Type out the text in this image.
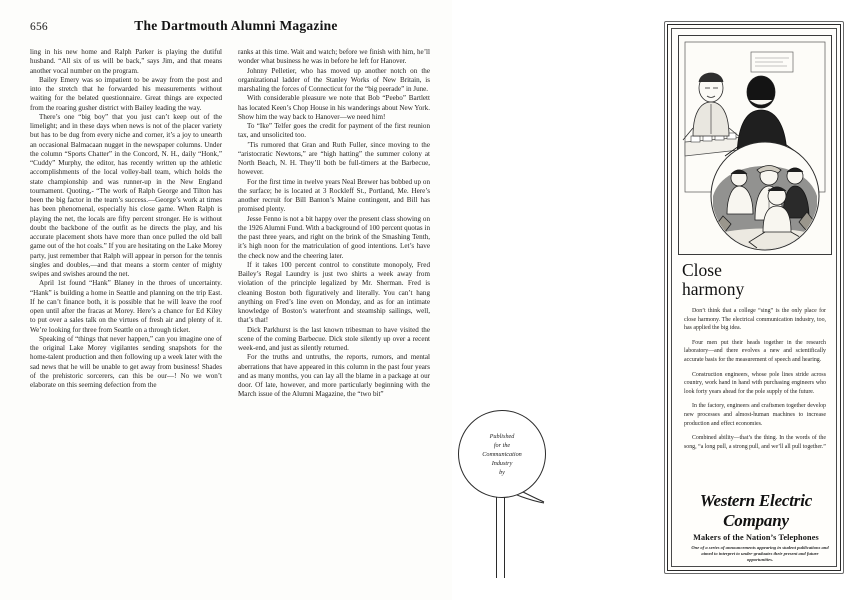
656	The Dartmouth Alumni Magazine

ling in his new home and Ralph Parker is playing the dutiful husband. “All six of us will be back,” says Jim, and that means another vocal number on the program.

Bailey Emery was so impatient to be away from the post and into the stretch that he forwarded his measurements without waiting for the belated questionnaire. Great things are expected from the roaring gusher district with Bailey leading the way.

There’s one “big boy” that you just can’t keep out of the limelight; and in these days when news is not of the placer variety but has to be dug from every niche and corner, it’s a joy to unearth an occasional Balmacaan nugget in the newspaper columns. Under the column “Sports Chatter” in the Concord, N. H., daily “Honk,” “Cuddy” Murphy, the editor, has recently written up the athletic accomplishments of the local volley-ball team, which holds the state championship and was runner-up in the New England tournament. Quoting,- “The work of Ralph George and Tilton has been the big factor in the team’s success.—George’s work at times has been phenomenal, especially his close game. When Ralph is playing the net, the locals are fifty percent stronger. He is without doubt the backbone of the outfit as he directs the play, and his accurate placement shots have more than once pulled the old ball game out of the hot coals.” If you are hesitating on the Lake Morey party, just remember that Ralph will appear in person for the tennis singles and doubles,—and that means a storm center of mighty swipes and swishes around the net.

April 1st found “Hank” Blaney in the throes of uncertainty. “Hank” is building a home in Seattle and planning on the trip East. If he can’t finance both, it is possible that he will leave the roof open until after the fracas at Morey. Here’s a chance for Ed Kiley to put over a sales talk on the virtues of fresh air and plenty of it. We’re looking for three from Seattle on a through ticket.

Speaking of “things that never happen,” can you imagine one of the original Lake Morey vigilantes sending snapshots for the home-talent production and then following up a week later with the sad news that he will be unable to get away from business! Shades of the prehistoric sorcerers, can this be our—! No we won’t elaborate on this seeming defection from the

ranks at this time. Wait and watch; before we finish with him, he’ll wonder what business he was in before he left for Hanover.

Johnny Pelletier, who has moved up another notch on the organizational ladder of the Stanley Works of New Britain, is marshaling the forces of Connecticut for the “big peerade” in June.

With considerable pleasure we note that Bob “Peebo” Bartlett has located Keen’s Chop House in his wanderings about New York. Show him the way back to Hanover—we need him!

To “Ike” Telfer goes the credit for payment of the first reunion tax, and unsolicited too.

’Tis rumored that Gran and Ruth Fuller, since moving to the “aristocratic Newtons,” are “high hatting” the summer colony at North Beach, N. H. They’ll both be full-timers at the Barbecue, however.

For the first time in twelve years Neal Brewer has bobbed up on the surface; he is located at 3 Rockleff St., Portland, Me. Here’s another recruit for Bill Banton’s Maine contingent, and Bill has promised plenty.

Jesse Fenno is not a bit happy over the present class showing on the 1926 Alumni Fund. With a background of 100 percent quotas in the past three years, and right on the brink of the Smashing Tenth, it’s high noon for the matriculation of good intentions. Let’s have the check now and the cheering later.

If it takes 100 percent control to constitute monopoly, Fred Bailey’s Regal Laundry is just two shirts a week away from violation of the principle legalized by Mr. Sherman. Fred is cleaning Boston both figuratively and literally. You can’t hang anything on Fred’s line even on Monday, and as for an intimate knowledge of Boston’s waterfront and steamship sailings, well, that’s that!

Dick Parkhurst is the last known tribesman to have visited the scene of the coming Barbecue. Dick stole silently up over a recent week-end, and just as silently returned.

For the truths and untruths, the reports, rumors, and mental aberrations that have appeared in this column in the past four years and as many months, you can lay all the blame in a package at our door. Of late, however, and more particularly beginning with the March issue of the Alumni Magazine, the “two bit”

Published
for the
Communication
Industry
by
Close
harmony

Don’t think that a college “sing” is the only place for close harmony. The electrical communication industry, too, has applied the big idea.

Four men put their heads together in the research laboratory—and there evolves a new and scientifically accurate basis for the measurement of speech and hearing.

Construction engineers, whose pole lines stride across country, work hand in hand with purchasing engineers who look forty years ahead for the pole supply of the future.

In the factory, engineers and craftsmen together develop new processes and almost-human machines to increase production and effect economies.

Combined ability—that’s the thing. In the words of the song, “a long pull, a strong pull, and we’ll all pull together.”

Western Electric Company
Makers of the Nation’s Telephones
One of a series of announcements appearing in student publications and aimed to interpret to under-graduates their present and future opportunities.
